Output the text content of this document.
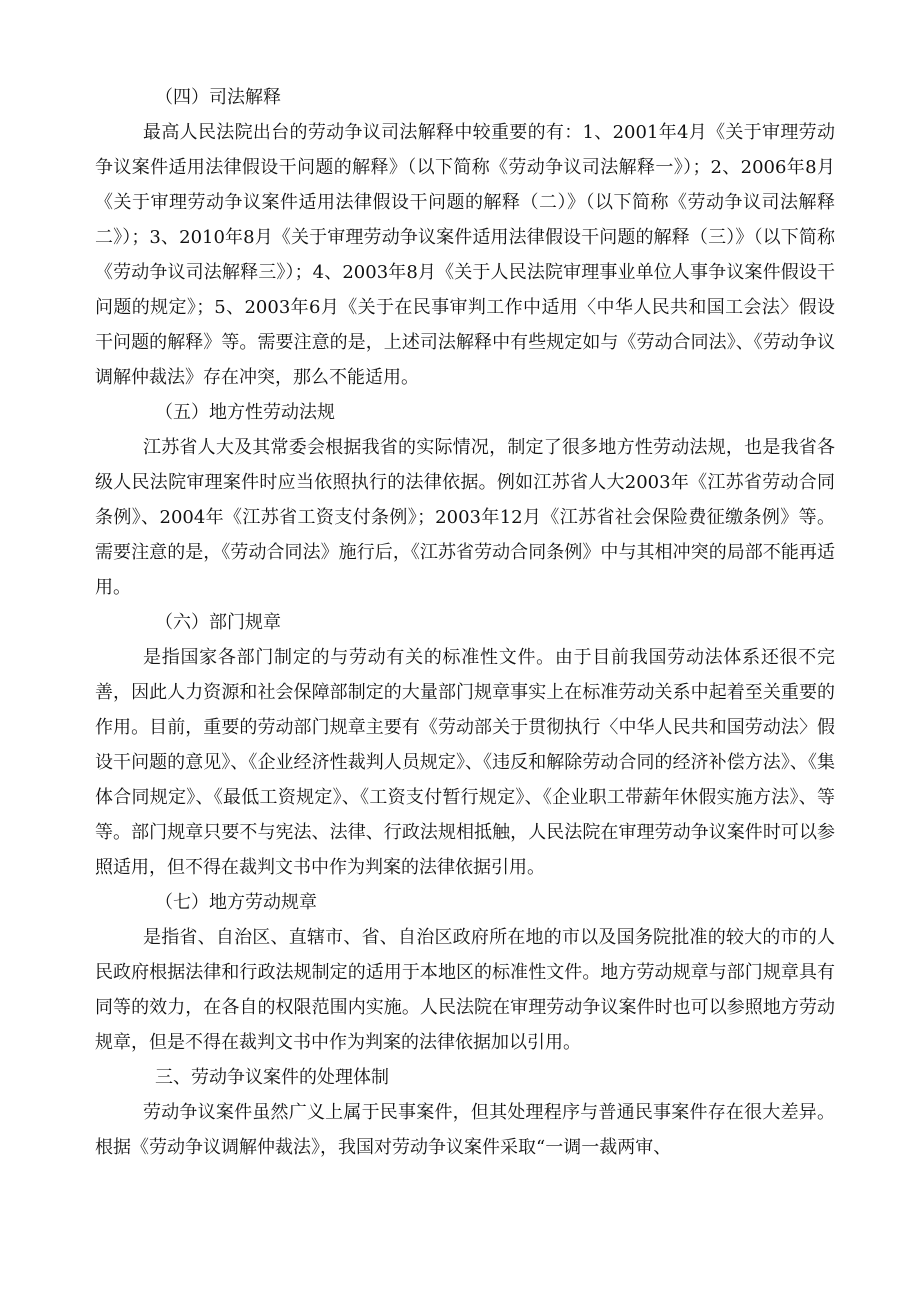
（四）司法解释

最高人民法院出台的劳动争议司法解释中较重要的有：1、2001年4月《关于审理劳动争议案件适用法律假设干问题的解释》（以下简称《劳动争议司法解释一》）；2、2006年8月《关于审理劳动争议案件适用法律假设干问题的解释（二）》（以下简称《劳动争议司法解释二》）；3、2010年8月《关于审理劳动争议案件适用法律假设干问题的解释（三）》（以下简称《劳动争议司法解释三》）；4、2003年8月《关于人民法院审理事业单位人事争议案件假设干问题的规定》；5、2003年6月《关于在民事审判工作中适用〈中华人民共和国工会法〉假设干问题的解释》等。需要注意的是，上述司法解释中有些规定如与《劳动合同法》、《劳动争议调解仲裁法》存在冲突，那么不能适用。

（五）地方性劳动法规

江苏省人大及其常委会根据我省的实际情况，制定了很多地方性劳动法规，也是我省各级人民法院审理案件时应当依照执行的法律依据。例如江苏省人大2003年《江苏省劳动合同条例》、2004年《江苏省工资支付条例》；2003年12月《江苏省社会保险费征缴条例》等。需要注意的是，《劳动合同法》施行后，《江苏省劳动合同条例》中与其相冲突的局部不能再适用。

（六）部门规章

是指国家各部门制定的与劳动有关的标准性文件。由于目前我国劳动法体系还很不完善，因此人力资源和社会保障部制定的大量部门规章事实上在标准劳动关系中起着至关重要的作用。目前，重要的劳动部门规章主要有《劳动部关于贯彻执行〈中华人民共和国劳动法〉假设干问题的意见》、《企业经济性裁判人员规定》、《违反和解除劳动合同的经济补偿方法》、《集体合同规定》、《最低工资规定》、《工资支付暂行规定》、《企业职工带薪年休假实施方法》、等等。部门规章只要不与宪法、法律、行政法规相抵触，人民法院在审理劳动争议案件时可以参照适用，但不得在裁判文书中作为判案的法律依据引用。

（七）地方劳动规章

是指省、自治区、直辖市、省、自治区政府所在地的市以及国务院批准的较大的市的人民政府根据法律和行政法规制定的适用于本地区的标准性文件。地方劳动规章与部门规章具有同等的效力，在各自的权限范围内实施。人民法院在审理劳动争议案件时也可以参照地方劳动规章，但是不得在裁判文书中作为判案的法律依据加以引用。

三、劳动争议案件的处理体制

劳动争议案件虽然广义上属于民事案件，但其处理程序与普通民事案件存在很大差异。根据《劳动争议调解仲裁法》，我国对劳动争议案件采取“一调一裁两审、
